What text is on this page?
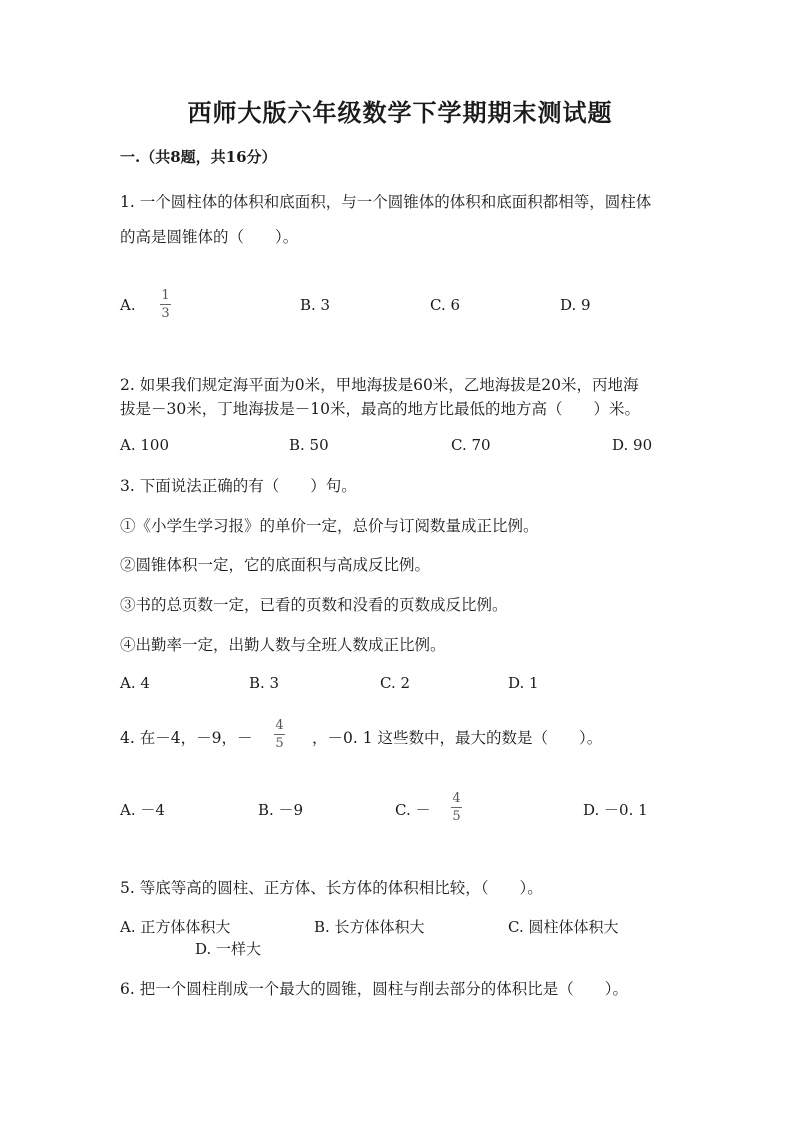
西师大版六年级数学下学期期末测试题
一.（共8题，共16分）
1. 一个圆柱体的体积和底面积，与一个圆锥体的体积和底面积都相等，圆柱体
的高是圆锥体的（　　）。
A.
1
3	B. 3	C. 6	D. 9
2. 如果我们规定海平面为0米，甲地海拔是60米，乙地海拔是20米，丙地海
拔是－30米，丁地海拔是－10米，最高的地方比最低的地方高（　　）米。
A. 100	B. 50	C. 70	D. 90
3. 下面说法正确的有（　　）句。
①《小学生学习报》的单价一定，总价与订阅数量成正比例。
②圆锥体积一定，它的底面积与高成反比例。
③书的总页数一定，已看的页数和没看的页数成反比例。
④出勤率一定，出勤人数与全班人数成正比例。
A. 4	B. 3	C. 2	D. 1
4. 在－4，－9，－
4
5 ，－0. 1 这些数中，最大的数是（　　）。
A. －4	B. －9	C. －
4
5	D. －0. 1
5. 等底等高的圆柱、正方体、长方体的体积相比较，（　　）。
A. 正方体体积大	B. 长方体体积大	C. 圆柱体体积大
D. 一样大
6. 把一个圆柱削成一个最大的圆锥，圆柱与削去部分的体积比是（　　）。
